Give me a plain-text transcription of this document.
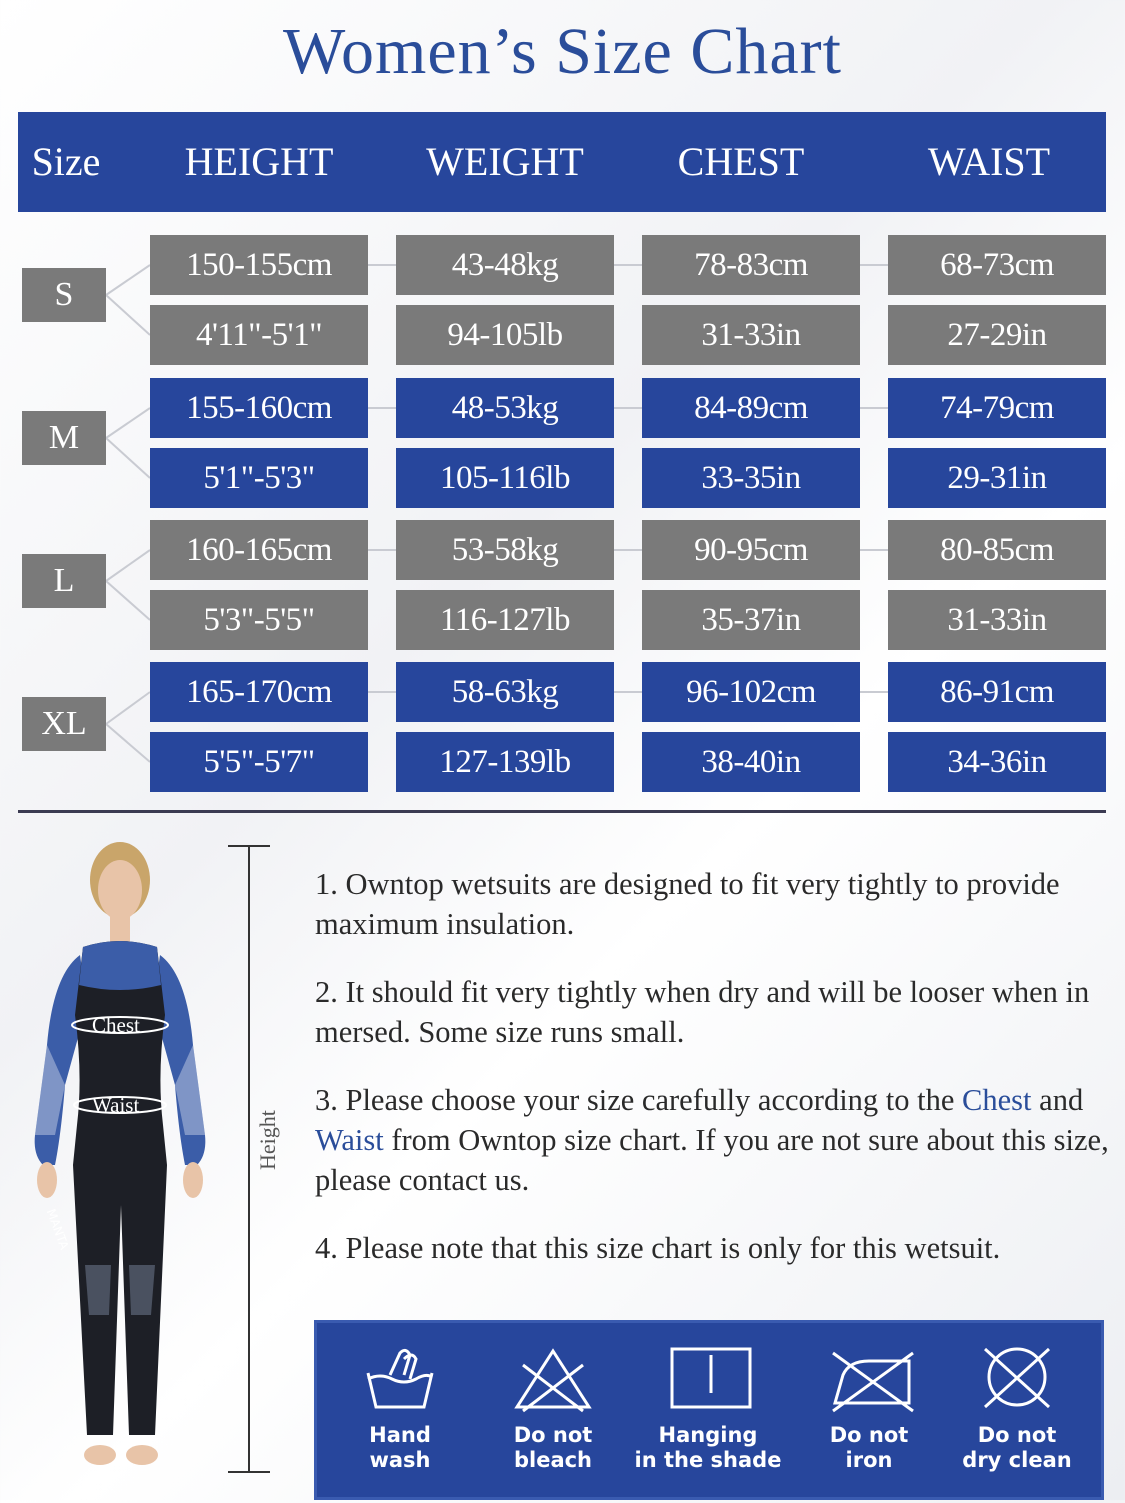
Women’s Size Chart
Size	HEIGHT	WEIGHT	CHEST	WAIST
S
150-155cm	43-48kg	78-83cm	68-73cm
4'11"-5'1"	94-105lb	31-33in	27-29in
M
155-160cm	48-53kg	84-89cm	74-79cm
5'1"-5'3"	105-116lb	33-35in	29-31in
L
160-165cm	53-58kg	90-95cm	80-85cm
5'3"-5'5"	116-127lb	35-37in	31-33in
XL
165-170cm	58-63kg	96-102cm	86-91cm
5'5"-5'7"	127-139lb	38-40in	34-36in
Chest
Waist
MANTA
Height

1. Owntop wetsuits are designed to fit very tightly to provide maximum insulation.

2. It should fit very tightly when dry and will be looser when in mersed. Some size runs small.

3. Please choose your size carefully according to the Chest and Waist from Owntop size chart. If you are not sure about this size, please contact us.

4. Please note that this size chart is only for this wetsuit.

Hand
wash
Do not
bleach
Hanging
in the shade
Do not
iron
Do not
dry clean
